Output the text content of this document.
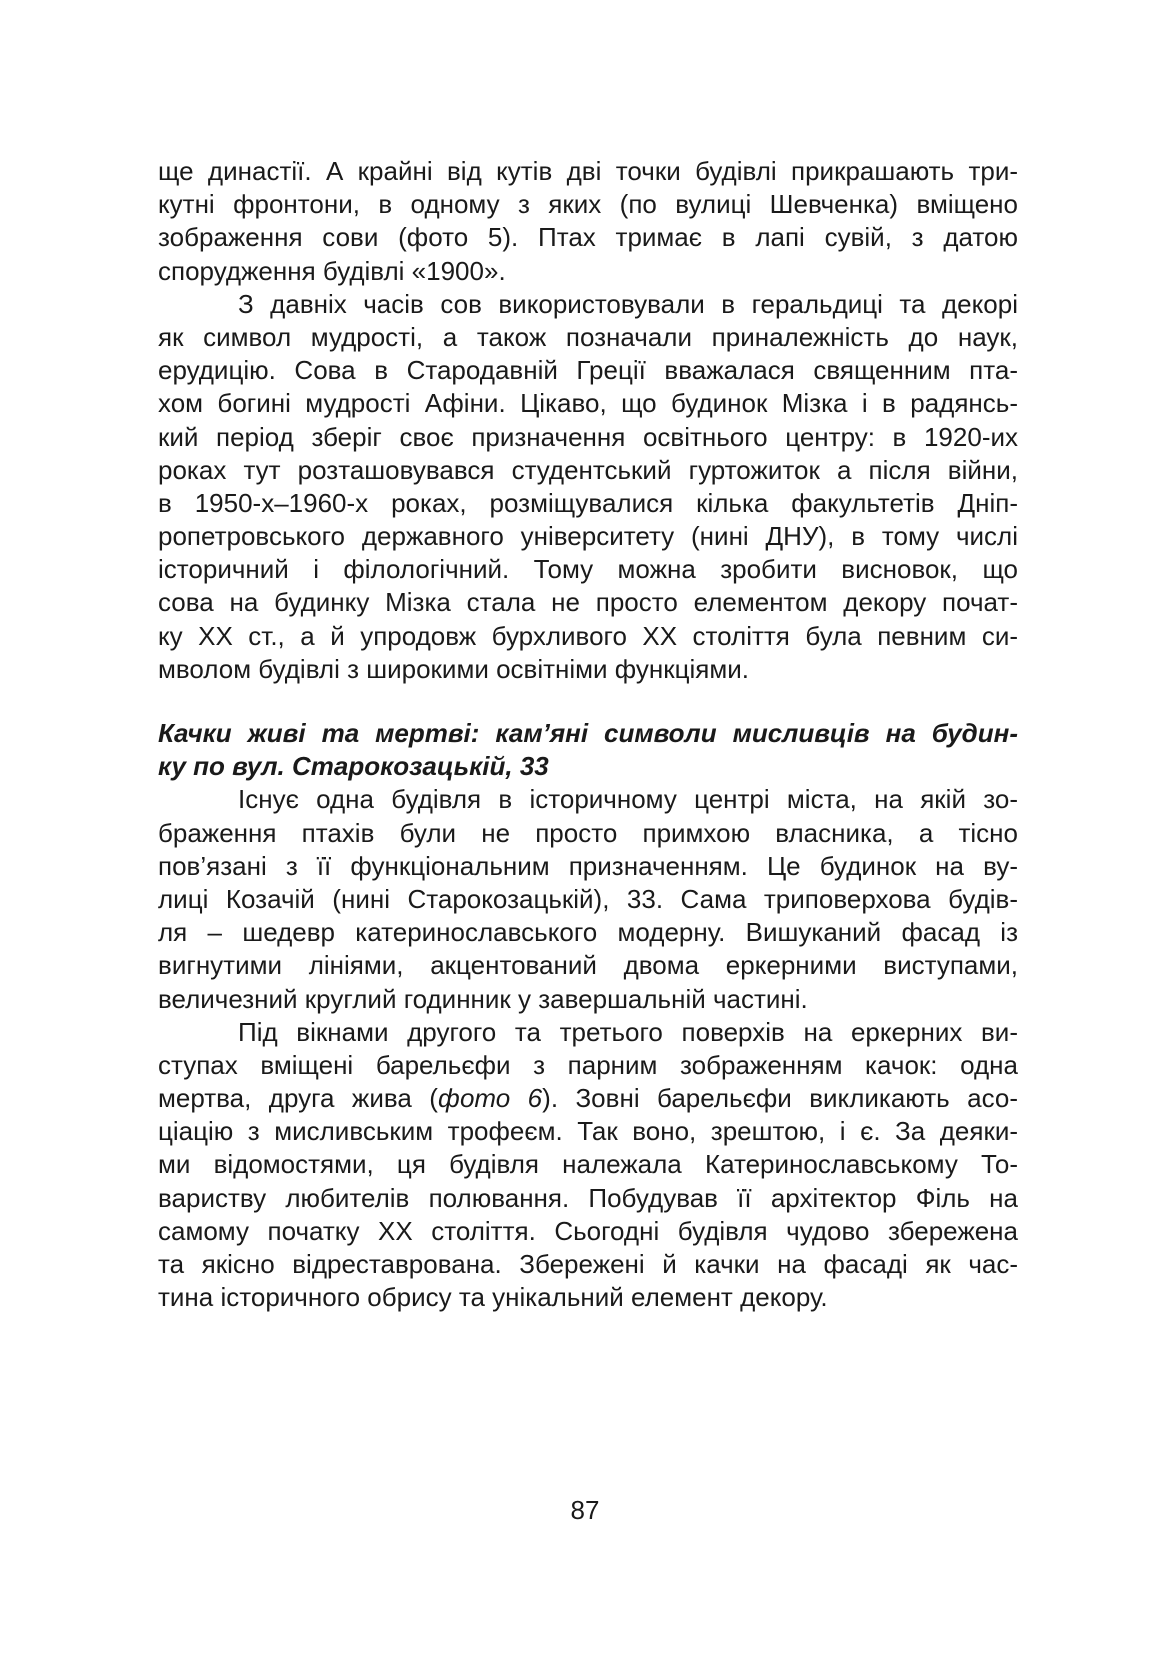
ще династії. А крайні від кутів дві точки будівлі прикрашають три-
кутні фронтони, в одному з яких (по вулиці Шевченка) вміщено
зображення сови (фото 5). Птах тримає в лапі сувій, з датою
спорудження будівлі «1900».
З давніх часів сов використовували в геральдиці та декорі
як символ мудрості, а також позначали приналежність до наук,
ерудицію. Сова в Стародавній Греції вважалася священним пта-
хом богині мудрості Афіни. Цікаво, що будинок Мізка і в радянсь-
кий період зберіг своє призначення освітнього центру: в 1920-их
роках тут розташовувався студентський гуртожиток а після війни,
в 1950-х–1960-х роках, розміщувалися кілька факультетів Дніп-
ропетровського державного університету (нині ДНУ), в тому числі
історичний і філологічний. Тому можна зробити висновок, що
сова на будинку Мізка стала не просто елементом декору почат-
ку XX ст., а й упродовж бурхливого XX століття була певним си-
мволом будівлі з широкими освітніми функціями.
Качки живі та мертві: кам’яні символи мисливців на будин-
ку по вул. Старокозацькій, 33
Існує одна будівля в історичному центрі міста, на якій зо-
браження птахів були не просто примхою власника, а тісно
пов’язані з її функціональним призначенням. Це будинок на ву-
лиці Козачій (нині Старокозацькій), 33. Сама триповерхова будів-
ля – шедевр катеринославського модерну. Вишуканий фасад із
вигнутими лініями, акцентований двома еркерними виступами,
величезний круглий годинник у завершальній частині.
Під вікнами другого та третього поверхів на еркерних ви-
ступах вміщені барельєфи з парним зображенням качок: одна
мертва, друга жива (фото 6). Зовні барельєфи викликають асо-
ціацію з мисливським трофеєм. Так воно, зрештою, і є. За деяки-
ми відомостями, ця будівля належала Катеринославському То-
вариству любителів полювання. Побудував її архітектор Філь на
самому початку XX століття. Сьогодні будівля чудово збережена
та якісно відреставрована. Збережені й качки на фасаді як час-
тина історичного обрису та унікальний елемент декору.
87
